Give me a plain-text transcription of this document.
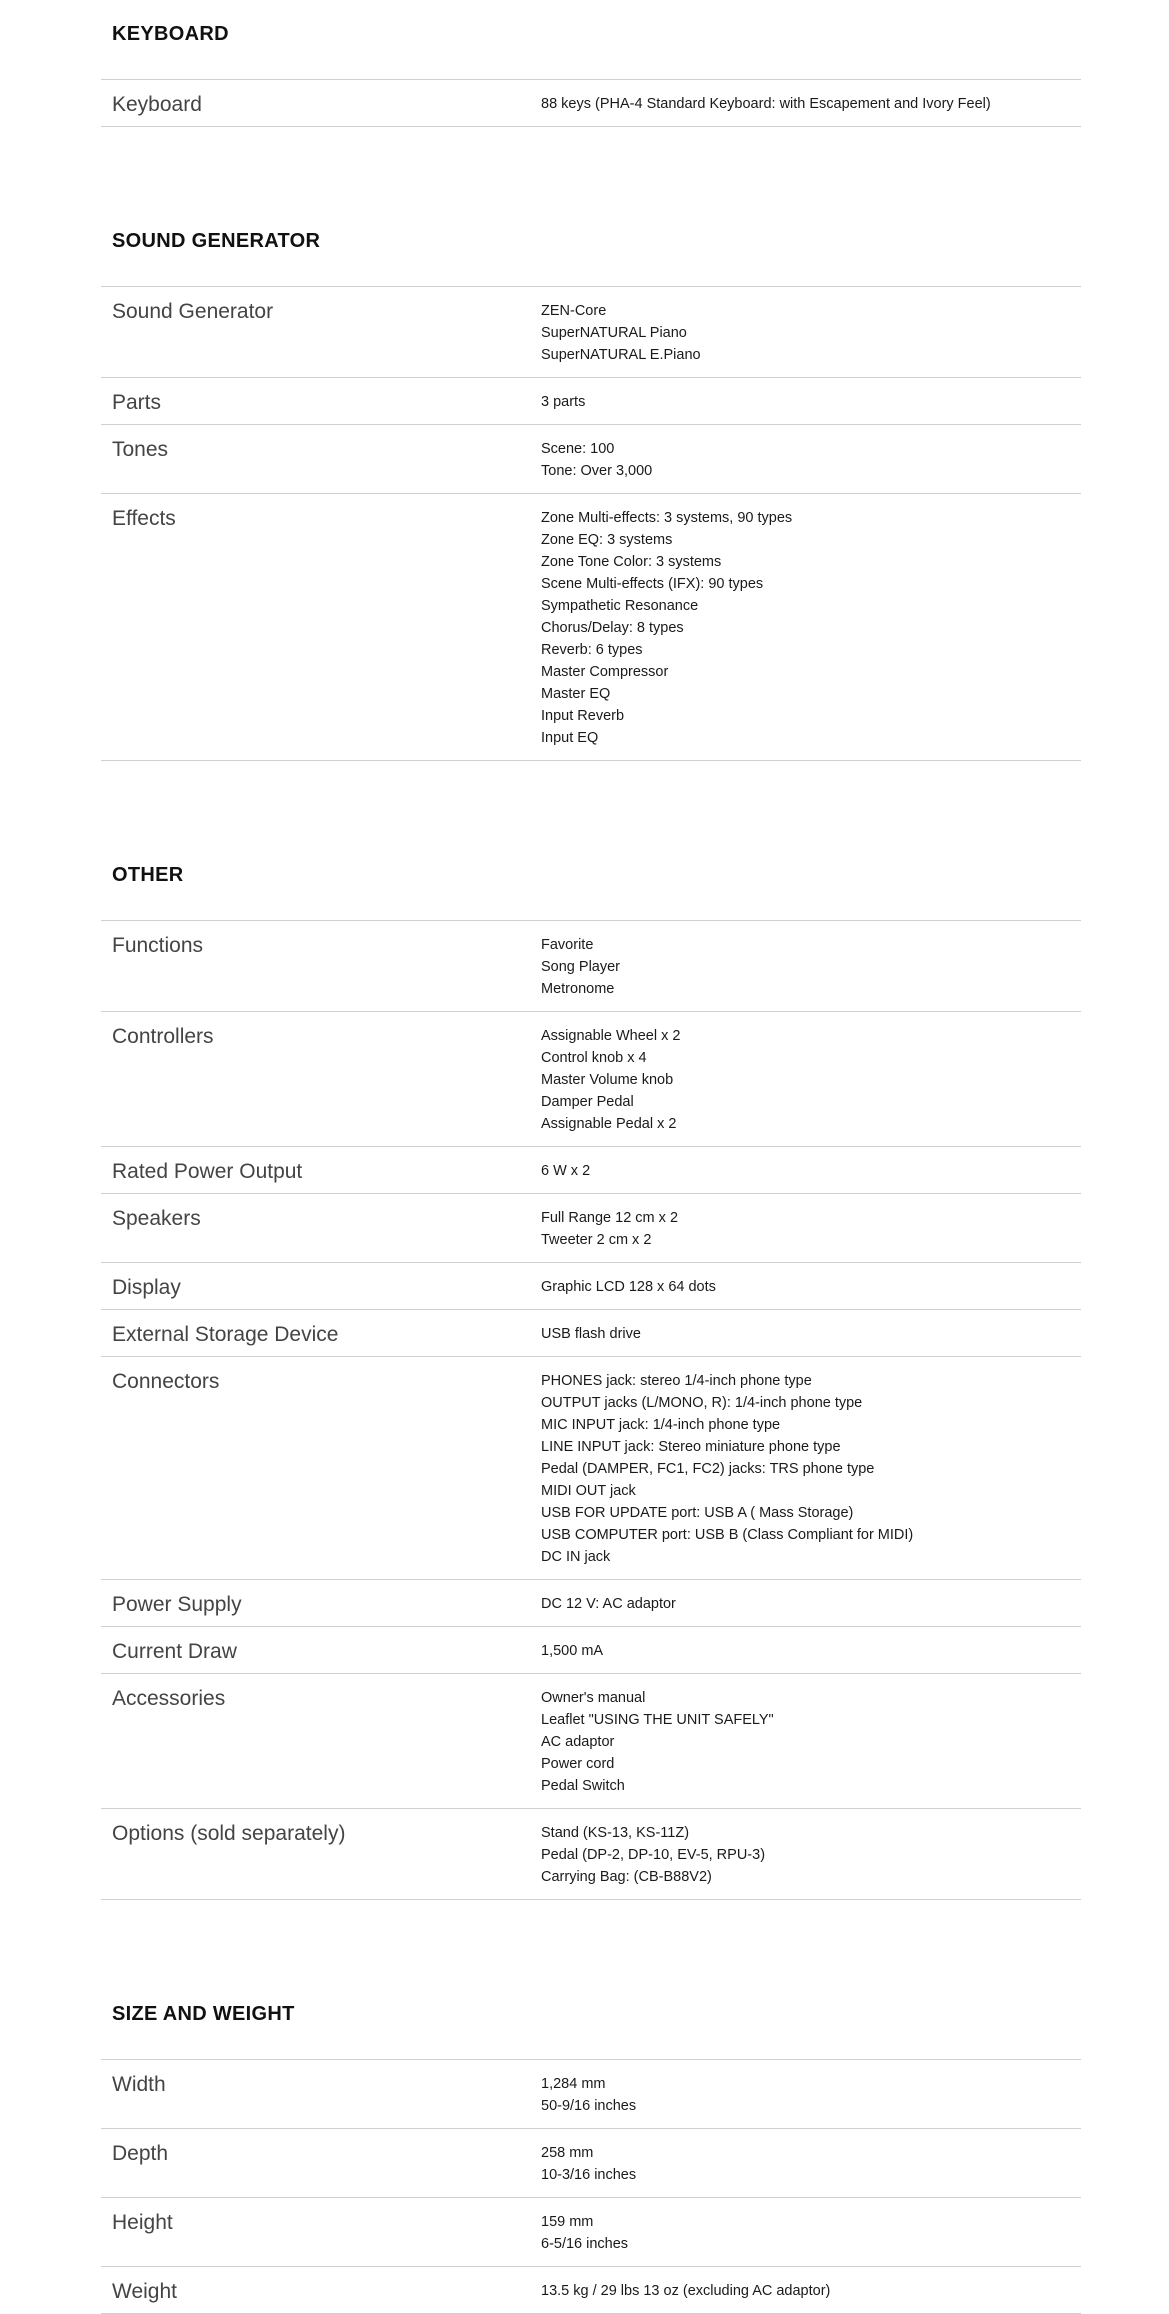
KEYBOARD
Keyboard	88 keys (PHA-4 Standard Keyboard: with Escapement and Ivory Feel)
SOUND GENERATOR
Sound Generator	ZEN-Core
SuperNATURAL Piano
SuperNATURAL E.Piano
Parts	3 parts
Tones	Scene: 100
Tone: Over 3,000
Effects	Zone Multi-effects: 3 systems, 90 types
Zone EQ: 3 systems
Zone Tone Color: 3 systems
Scene Multi-effects (IFX): 90 types
Sympathetic Resonance
Chorus/Delay: 8 types
Reverb: 6 types
Master Compressor
Master EQ
Input Reverb
Input EQ
OTHER
Functions	Favorite
Song Player
Metronome
Controllers	Assignable Wheel x 2
Control knob x 4
Master Volume knob
Damper Pedal
Assignable Pedal x 2
Rated Power Output	6 W x 2
Speakers	Full Range 12 cm x 2
Tweeter 2 cm x 2
Display	Graphic LCD 128 x 64 dots
External Storage Device	USB flash drive
Connectors	PHONES jack: stereo 1/4-inch phone type
OUTPUT jacks (L/MONO, R): 1/4-inch phone type
MIC INPUT jack: 1/4-inch phone type
LINE INPUT jack: Stereo miniature phone type
Pedal (DAMPER, FC1, FC2) jacks: TRS phone type
MIDI OUT jack
USB FOR UPDATE port: USB A ( Mass Storage)
USB COMPUTER port: USB B (Class Compliant for MIDI)
DC IN jack
Power Supply	DC 12 V: AC adaptor
Current Draw	1,500 mA
Accessories	Owner's manual
Leaflet "USING THE UNIT SAFELY"
AC adaptor
Power cord
Pedal Switch
Options (sold separately)	Stand (KS-13, KS-11Z)
Pedal (DP-2, DP-10, EV-5, RPU-3)
Carrying Bag: (CB-B88V2)
SIZE AND WEIGHT
Width	1,284 mm
50-9/16 inches
Depth	258 mm
10-3/16 inches
Height	159 mm
6-5/16 inches
Weight	13.5 kg / 29 lbs 13 oz (excluding AC adaptor)
